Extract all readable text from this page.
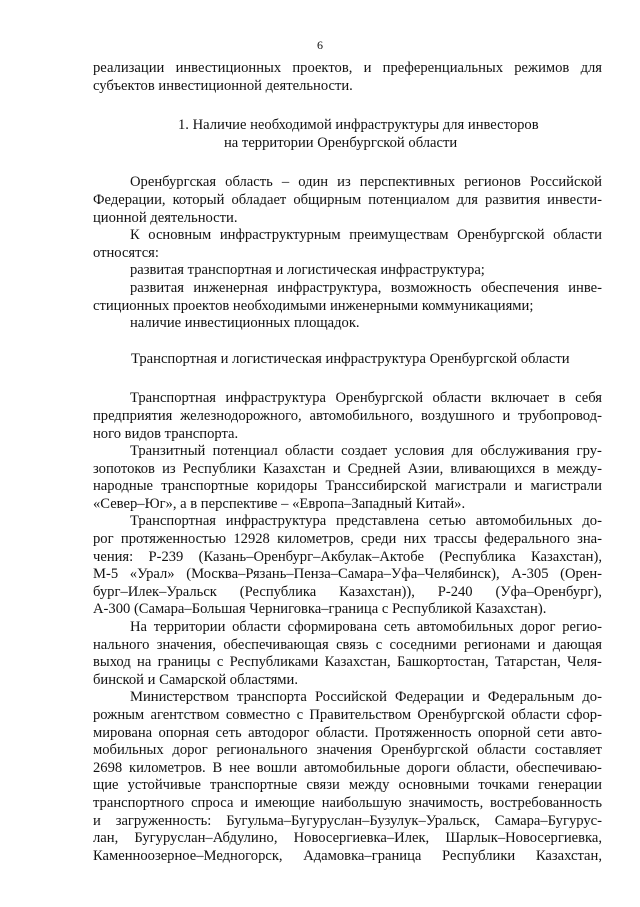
6
реализации инвестиционных проектов, и преференциальных режимов для
субъектов инвестиционной деятельности.
1. Наличие необходимой инфраструктуры для инвесторов
на территории Оренбургской области
Оренбургская область – один из перспективных регионов Российской
Федерации, который обладает общирным потенциалом для развития инвести-
ционной деятельности.
К основным инфраструктурным преимуществам Оренбургской области
относятся:
развитая транспортная и логистическая инфраструктура;
развитая инженерная инфраструктура, возможность обеспечения инве-
стиционных проектов необходимыми инженерными коммуникациями;
наличие инвестиционных площадок.
Транспортная и логистическая инфраструктура Оренбургской области
Транспортная инфраструктура Оренбургской области включает в себя
предприятия железнодорожного, автомобильного, воздушного и трубопровод-
ного видов транспорта.
Транзитный потенциал области создает условия для обслуживания гру-
зопотоков из Республики Казахстан и Средней Азии, вливающихся в между-
народные транспортные коридоры Транссибирской магистрали и магистрали
«Север–Юг», а в перспективе – «Европа–Западный Китай».
Транспортная инфраструктура представлена сетью автомобильных до-
рог протяженностью 12928 километров, среди них трассы федерального зна-
чения: Р-239 (Казань–Оренбург–Акбулак–Актобе (Республика Казахстан),
М-5 «Урал» (Москва–Рязань–Пенза–Самара–Уфа–Челябинск), А-305 (Орен-
бург–Илек–Уральск (Республика Казахстан)), Р-240 (Уфа–Оренбург),
А-300 (Самара–Большая Черниговка–граница с Республикой Казахстан).
На территории области сформирована сеть автомобильных дорог регио-
нального значения, обеспечивающая связь с соседними регионами и дающая
выход на границы с Республиками Казахстан, Башкортостан, Татарстан, Челя-
бинской и Самарской областями.
Министерством транспорта Российской Федерации и Федеральным до-
рожным агентством совместно с Правительством Оренбургской области сфор-
мирована опорная сеть автодорог области. Протяженность опорной сети авто-
мобильных дорог регионального значения Оренбургской области составляет
2698 километров. В нее вошли автомобильные дороги области, обеспечиваю-
щие устойчивые транспортные связи между основными точками генерации
транспортного спроса и имеющие наибольшую значимость, востребованность
и загруженность: Бугульма–Бугуруслан–Бузулук–Уральск, Самара–Бугурус-
лан, Бугуруслан–Абдулино, Новосергиевка–Илек, Шарлык–Новосергиевка,
Каменноозерное–Медногорск, Адамовка–граница Республики Казахстан,
